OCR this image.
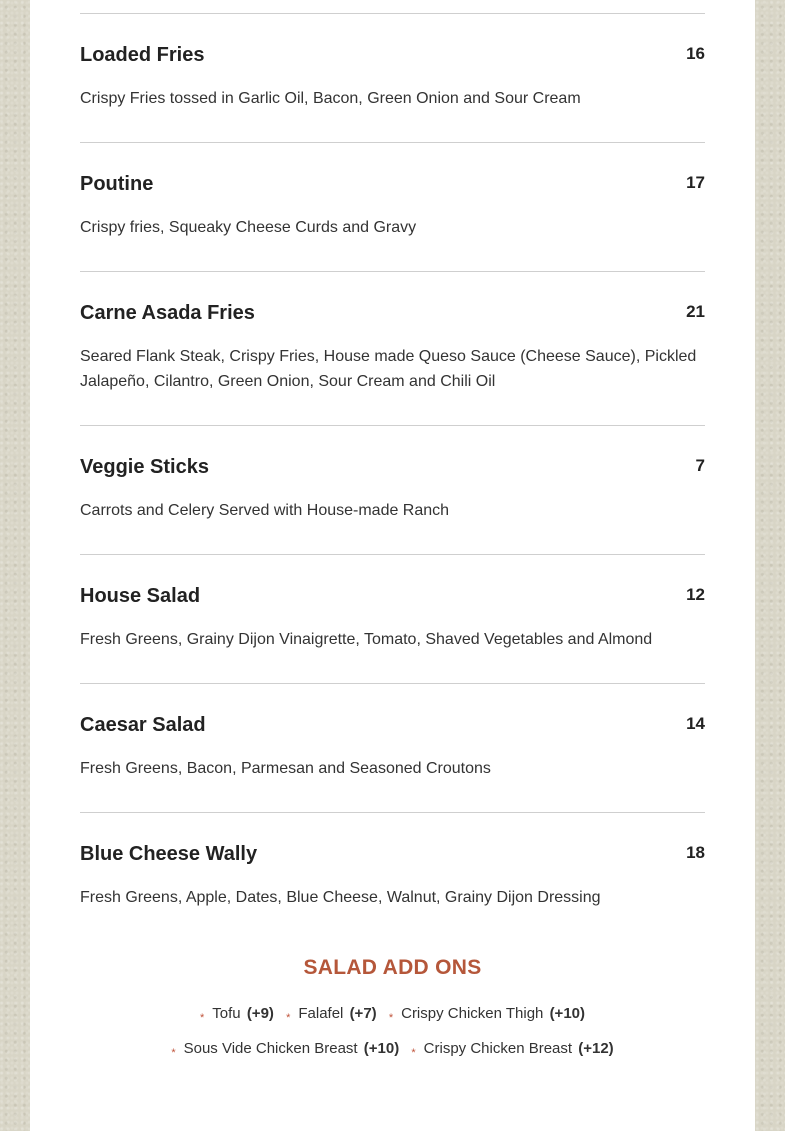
Loaded Fries	16
Crispy Fries tossed in Garlic Oil, Bacon, Green Onion and Sour Cream
Poutine	17
Crispy fries, Squeaky Cheese Curds and Gravy
Carne Asada Fries	21
Seared Flank Steak, Crispy Fries, House made Queso Sauce (Cheese Sauce), Pickled Jalapeño, Cilantro, Green Onion, Sour Cream and Chili Oil
Veggie Sticks	7
Carrots and Celery Served with House-made Ranch
House Salad	12
Fresh Greens, Grainy Dijon Vinaigrette, Tomato, Shaved Vegetables and Almond
Caesar Salad	14
Fresh Greens, Bacon, Parmesan and Seasoned Croutons
Blue Cheese Wally	18
Fresh Greens, Apple, Dates, Blue Cheese, Walnut, Grainy Dijon Dressing
SALAD ADD ONS
* Tofu (+9) * Falafel (+7) * Crispy Chicken Thigh (+10)
* Sous Vide Chicken Breast (+10) * Crispy Chicken Breast (+12)
